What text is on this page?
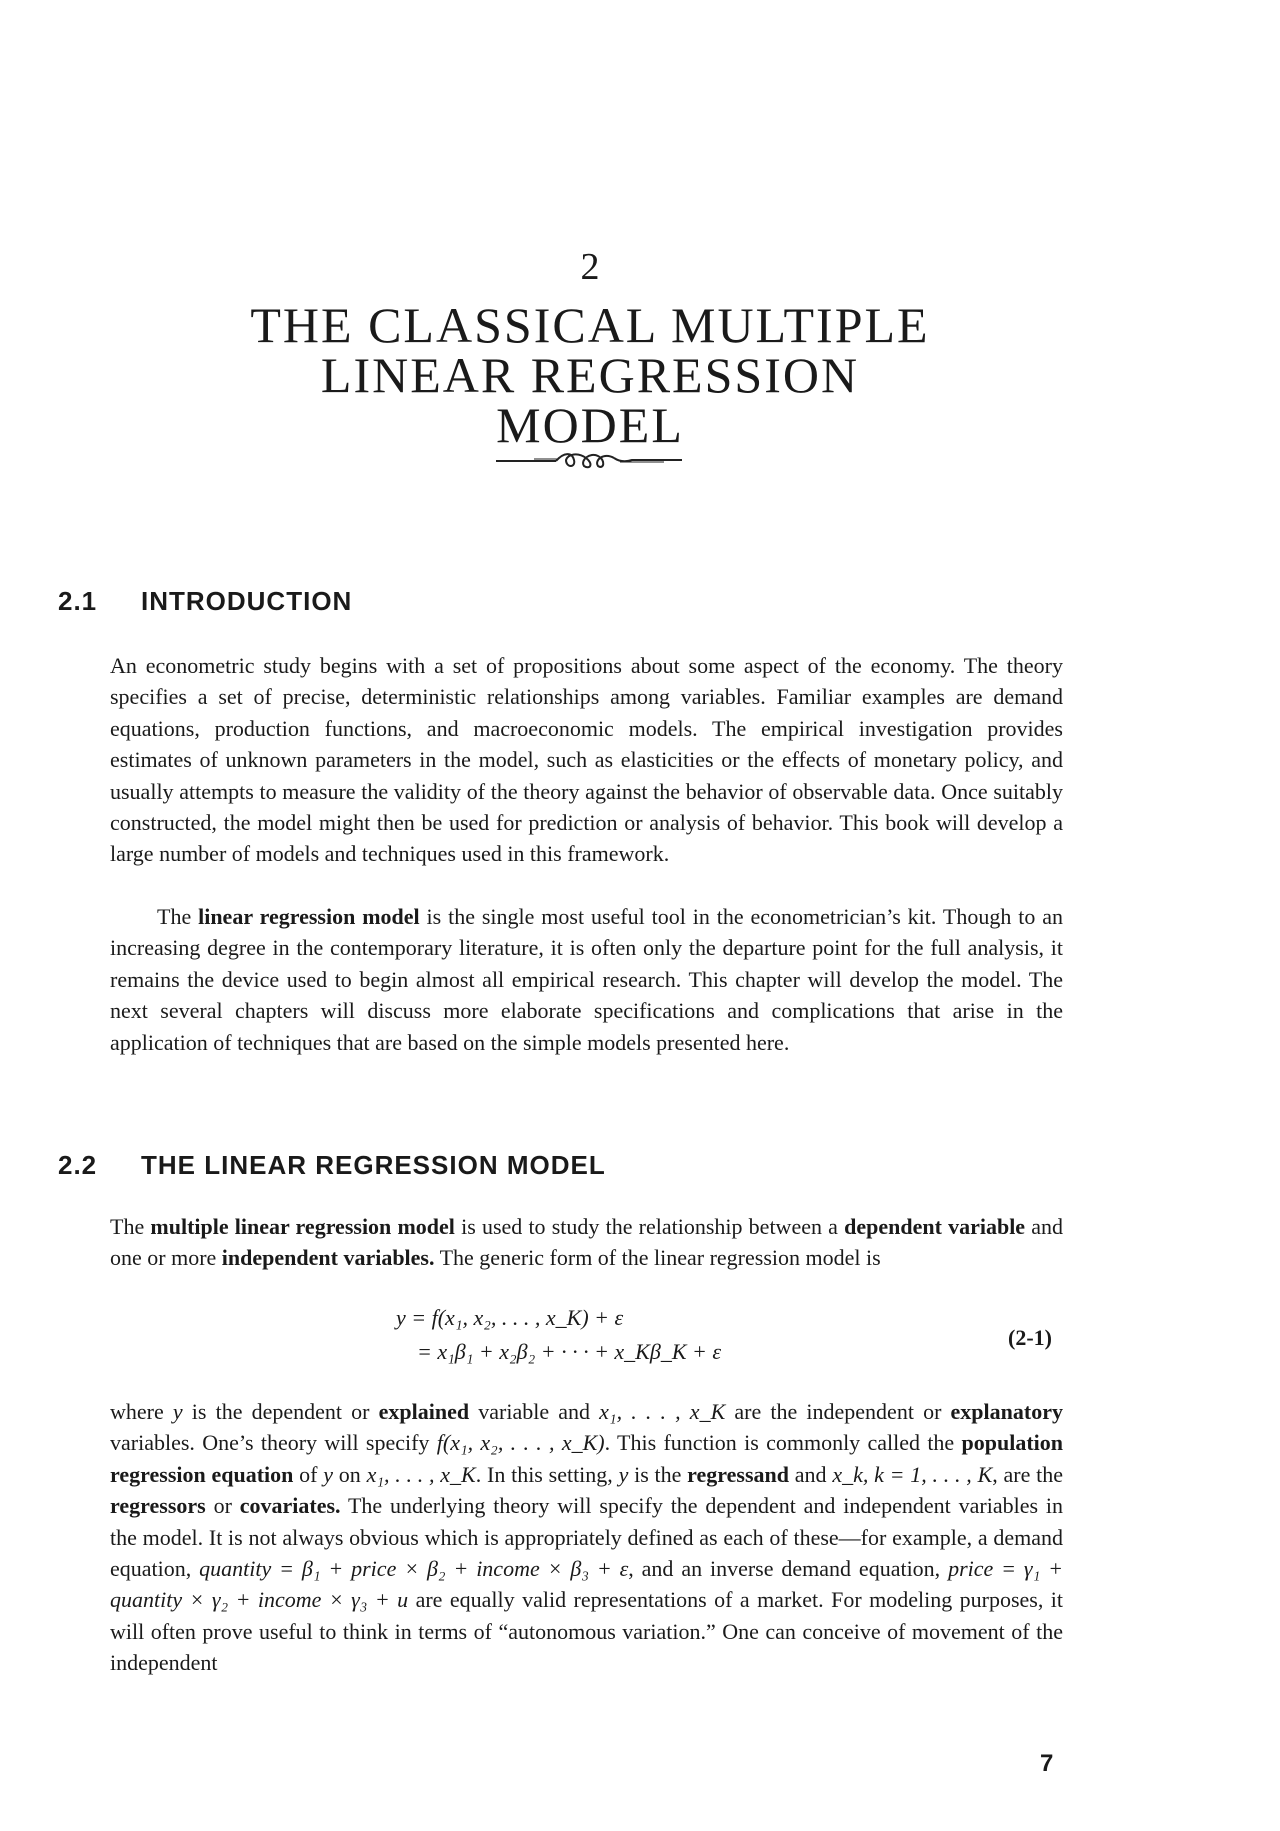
2
THE CLASSICAL MULTIPLE
LINEAR REGRESSION
MODEL
2.1 INTRODUCTION

An econometric study begins with a set of propositions about some aspect of the economy. The theory specifies a set of precise, deterministic relationships among variables. Familiar examples are demand equations, production functions, and macroeconomic models. The empirical investigation provides estimates of unknown parameters in the model, such as elasticities or the effects of monetary policy, and usually attempts to measure the validity of the theory against the behavior of observable data. Once suitably constructed, the model might then be used for prediction or analysis of behavior. This book will develop a large number of models and techniques used in this framework.

The linear regression model is the single most useful tool in the econometrician’s kit. Though to an increasing degree in the contemporary literature, it is often only the departure point for the full analysis, it remains the device used to begin almost all empirical research. This chapter will develop the model. The next several chapters will discuss more elaborate specifications and complications that arise in the application of techniques that are based on the simple models presented here.

2.2 THE LINEAR REGRESSION MODEL

The multiple linear regression model is used to study the relationship between a dependent variable and one or more independent variables. The generic form of the linear regression model is

y = f(x₁, x₂, . . . , x_K) + ε
= x₁β₁ + x₂β₂ + · · · + x_Kβ_K + ε
(2-1)

where y is the dependent or explained variable and x₁, . . . , x_K are the independent or explanatory variables. One’s theory will specify f(x₁, x₂, . . . , x_K). This function is commonly called the population regression equation of y on x₁, . . . , x_K. In this setting, y is the regressand and x_k, k = 1, . . . , K, are the regressors or covariates. The underlying theory will specify the dependent and independent variables in the model. It is not always obvious which is appropriately defined as each of these—for example, a demand equation, quantity = β₁ + price × β₂ + income × β₃ + ε, and an inverse demand equation, price = γ₁ + quantity × γ₂ + income × γ₃ + u are equally valid representations of a market. For modeling purposes, it will often prove useful to think in terms of “autonomous variation.” One can conceive of movement of the independent

7
